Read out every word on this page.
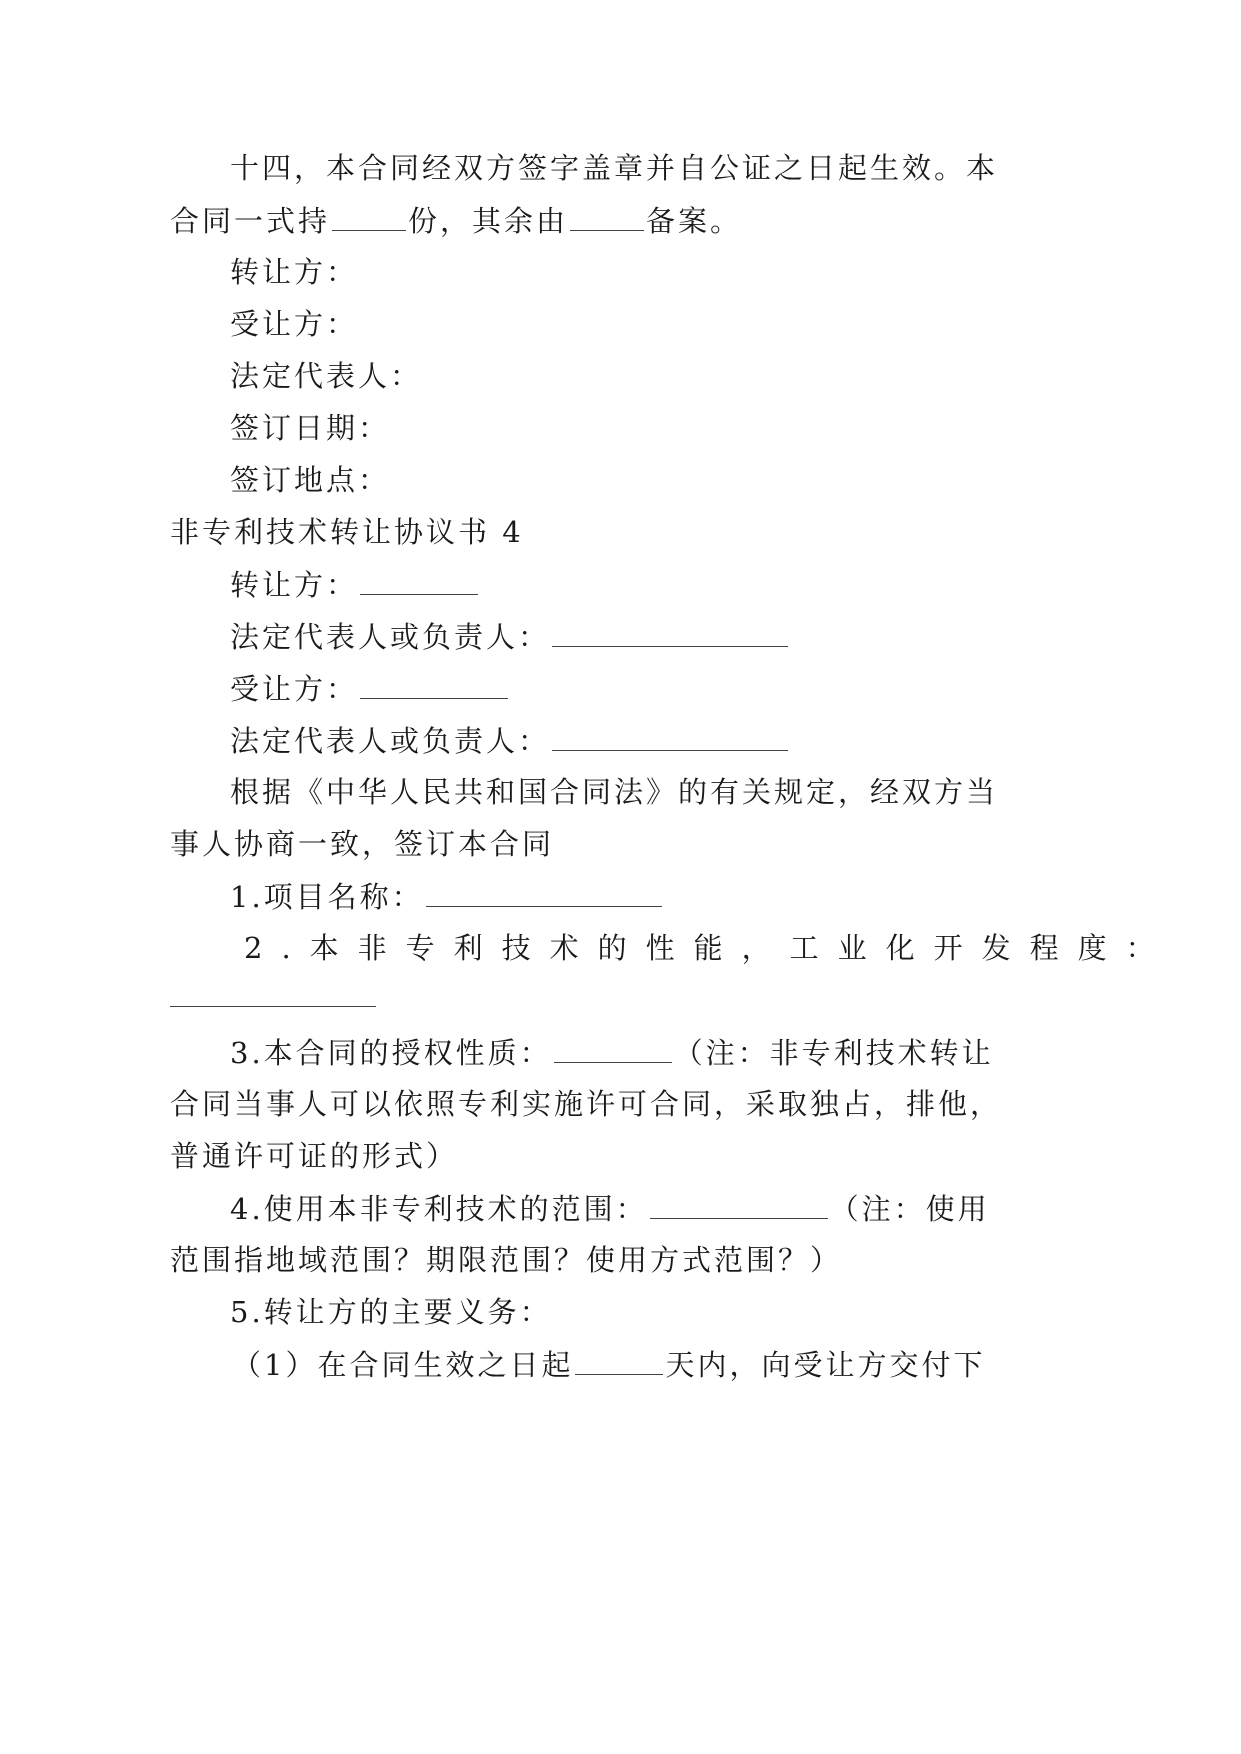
十四，本合同经双方签字盖章并自公证之日起生效。本
合同一式持	份，其余由	备案。
转让方：
受让方：
法定代表人：
签订日期：
签订地点：
非专利技术转让协议书 4
转让方：
法定代表人或负责人：
受让方：
法定代表人或负责人：
根据《中华人民共和国合同法》的有关规定，经双方当
事人协商一致，签订本合同
1.项目名称：
2.本非专利技术的性能，工业化开发程度：
3.本合同的授权性质：	（注：非专利技术转让
合同当事人可以依照专利实施许可合同，采取独占，排他，
普通许可证的形式）
4.使用本非专利技术的范围：	（注：使用
范围指地域范围？期限范围？使用方式范围？）
5.转让方的主要义务：
（1）在合同生效之日起	天内，向受让方交付下
